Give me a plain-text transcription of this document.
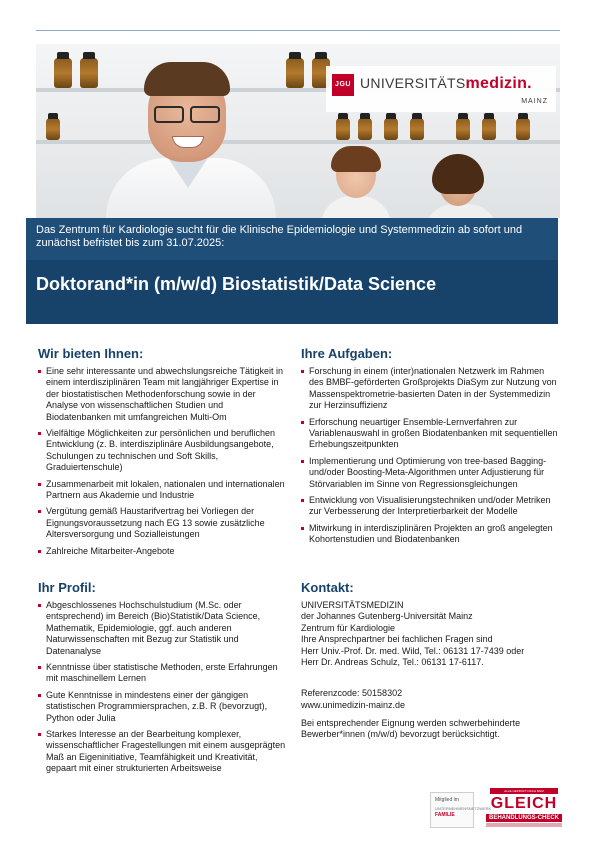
JGU UNIVERSITÄTSmedizin.
MAINZ
Das Zentrum für Kardiologie sucht für die Klinische Epidemiologie und Systemmedizin ab sofort und zunächst befristet bis zum 31.07.2025:
Doktorand*in (m/w/d) Biostatistik/Data Science
Wir bieten Ihnen:
Eine sehr interessante und abwechslungsreiche Tätigkeit in einem interdisziplinären Team mit langjähriger Expertise in der biostatistischen Methodenforschung sowie in der Analyse von wissenschaftlichen Studien und Biodatenbanken mit umfangreichen Multi-Om
Vielfältige Möglichkeiten zur persönlichen und beruflichen Entwicklung (z. B. interdisziplinäre Ausbildungsangebote, Schulungen zu technischen und Soft Skills, Graduiertenschule)
Zusammenarbeit mit lokalen, nationalen und internationalen Partnern aus Akademie und Industrie
Vergütung gemäß Haustarifvertrag bei Vorliegen der Eignungsvoraussetzung nach EG 13 sowie zusätzliche Altersversorgung und Sozialleistungen
Zahlreiche Mitarbeiter-Angebote
Ihr Profil:
Abgeschlossenes Hochschulstudium (M.Sc. oder entsprechend) im Bereich (Bio)Statistik/Data Science, Mathematik, Epidemiologie, ggf. auch anderen Naturwissenschaften mit Bezug zur Statistik und Datenanalyse
Kenntnisse über statistische Methoden, erste Erfahrungen mit maschinellem Lernen
Gute Kenntnisse in mindestens einer der gängigen statistischen Programmiersprachen, z.B. R (bevorzugt), Python oder Julia
Starkes Interesse an der Bearbeitung komplexer, wissenschaftlicher Fragestellungen mit einem ausgeprägten Maß an Eigeninitiative, Teamfähigkeit und Kreativität, gepaart mit einer strukturierten Arbeitsweise
Ihre Aufgaben:
Forschung in einem (inter)nationalen Netzwerk im Rahmen des BMBF-geförderten Großprojekts DiaSym zur Nutzung von Massenspektrometrie-basierten Daten in der Systemmedizin zur Herzinsuffizienz
Erforschung neuartiger Ensemble-Lernverfahren zur Variablenauswahl in großen Biodatenbanken mit sequentiellen Erhebungszeitpunkten
Implementierung und Optimierung von tree-based Bagging- und/oder Boosting-Meta-Algorithmen unter Adjustierung für Störvariablen im Sinne von Regressionsgleichungen
Entwicklung von Visualisierungstechniken und/oder Metriken zur Verbesserung der Interpretierbarkeit der Modelle
Mitwirkung in interdisziplinären Projekten an groß angelegten Kohortenstudien und Biodatenbanken
Kontakt:
UNIVERSITÄTSMEDIZIN
der Johannes Gutenberg-Universität Mainz
Zentrum für Kardiologie
Ihre Ansprechpartner bei fachlichen Fragen sind
Herr Univ.-Prof. Dr. med. Wild, Tel.: 06131 17-7439 oder
Herr Dr. Andreas Schulz, Tel.: 06131 17-6117.
Referenzcode: 50158302
www.unimedizin-mainz.de
Bei entsprechender Eignung werden schwerbehinderte Bewerber*innen (m/w/d) bevorzugt berücksichtigt.
Mitglied im
UNTERNEHMENSNETZWERK
FAMILIE
ALLE GEPRÜFT NACH BGM
GLEICH
BEHANDLUNGS-CHECK
